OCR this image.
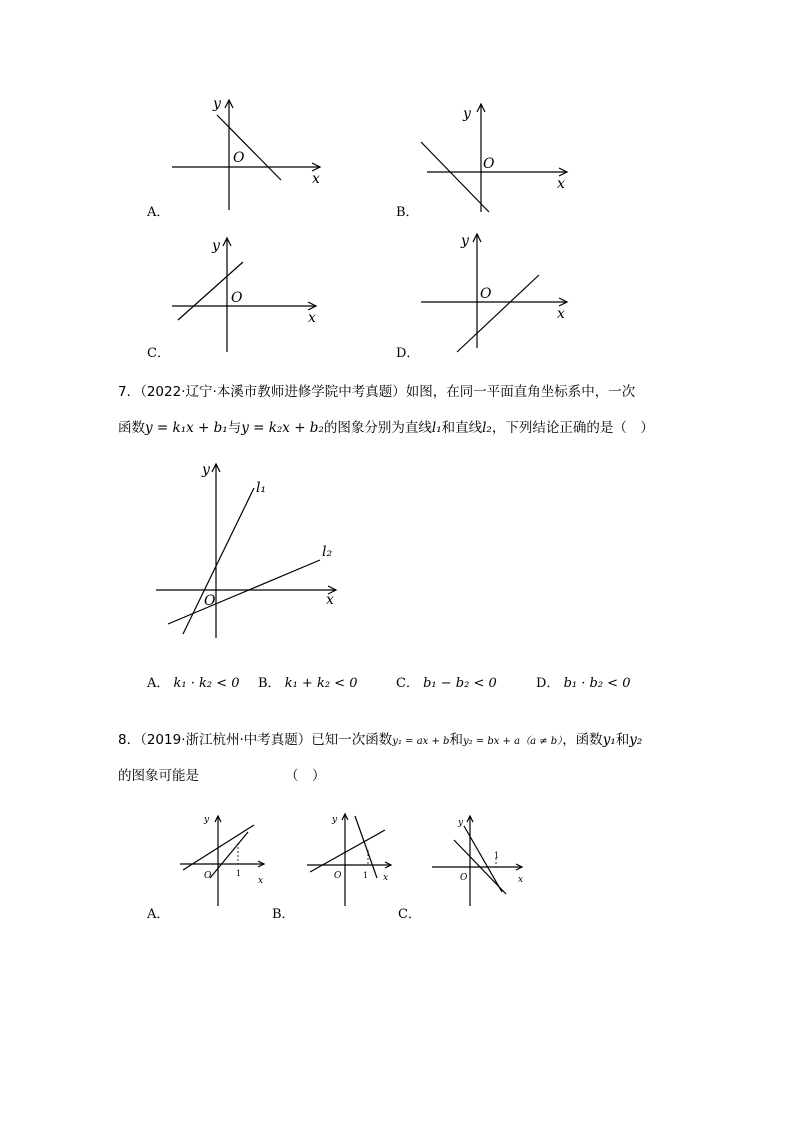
y
x
O
A．
y
x
O
B．
y
x
O
C．
y
x
O
D．
7．（2022·辽宁·本溪市教师进修学院中考真题）如图，在同一平面直角坐标系中，一次
函数y = k₁x + b₁与y = k₂x + b₂的图象分别为直线l₁和直线l₂，下列结论正确的是（　）
y
x
O
l₁
l₂
A． k₁ · k₂ < 0 B． k₁ + k₂ < 0	C． b₁ − b₂ < 0	D． b₁ · b₂ < 0
8．（2019·浙江杭州·中考真题）已知一次函数y₁ = ax + b和y₂ = bx + a（a ≠ b），函数y₁和y₂
的图象可能是	（　）
y
x
O	1
A．
y
x
O	1
B．
y
x
O
1
C．
